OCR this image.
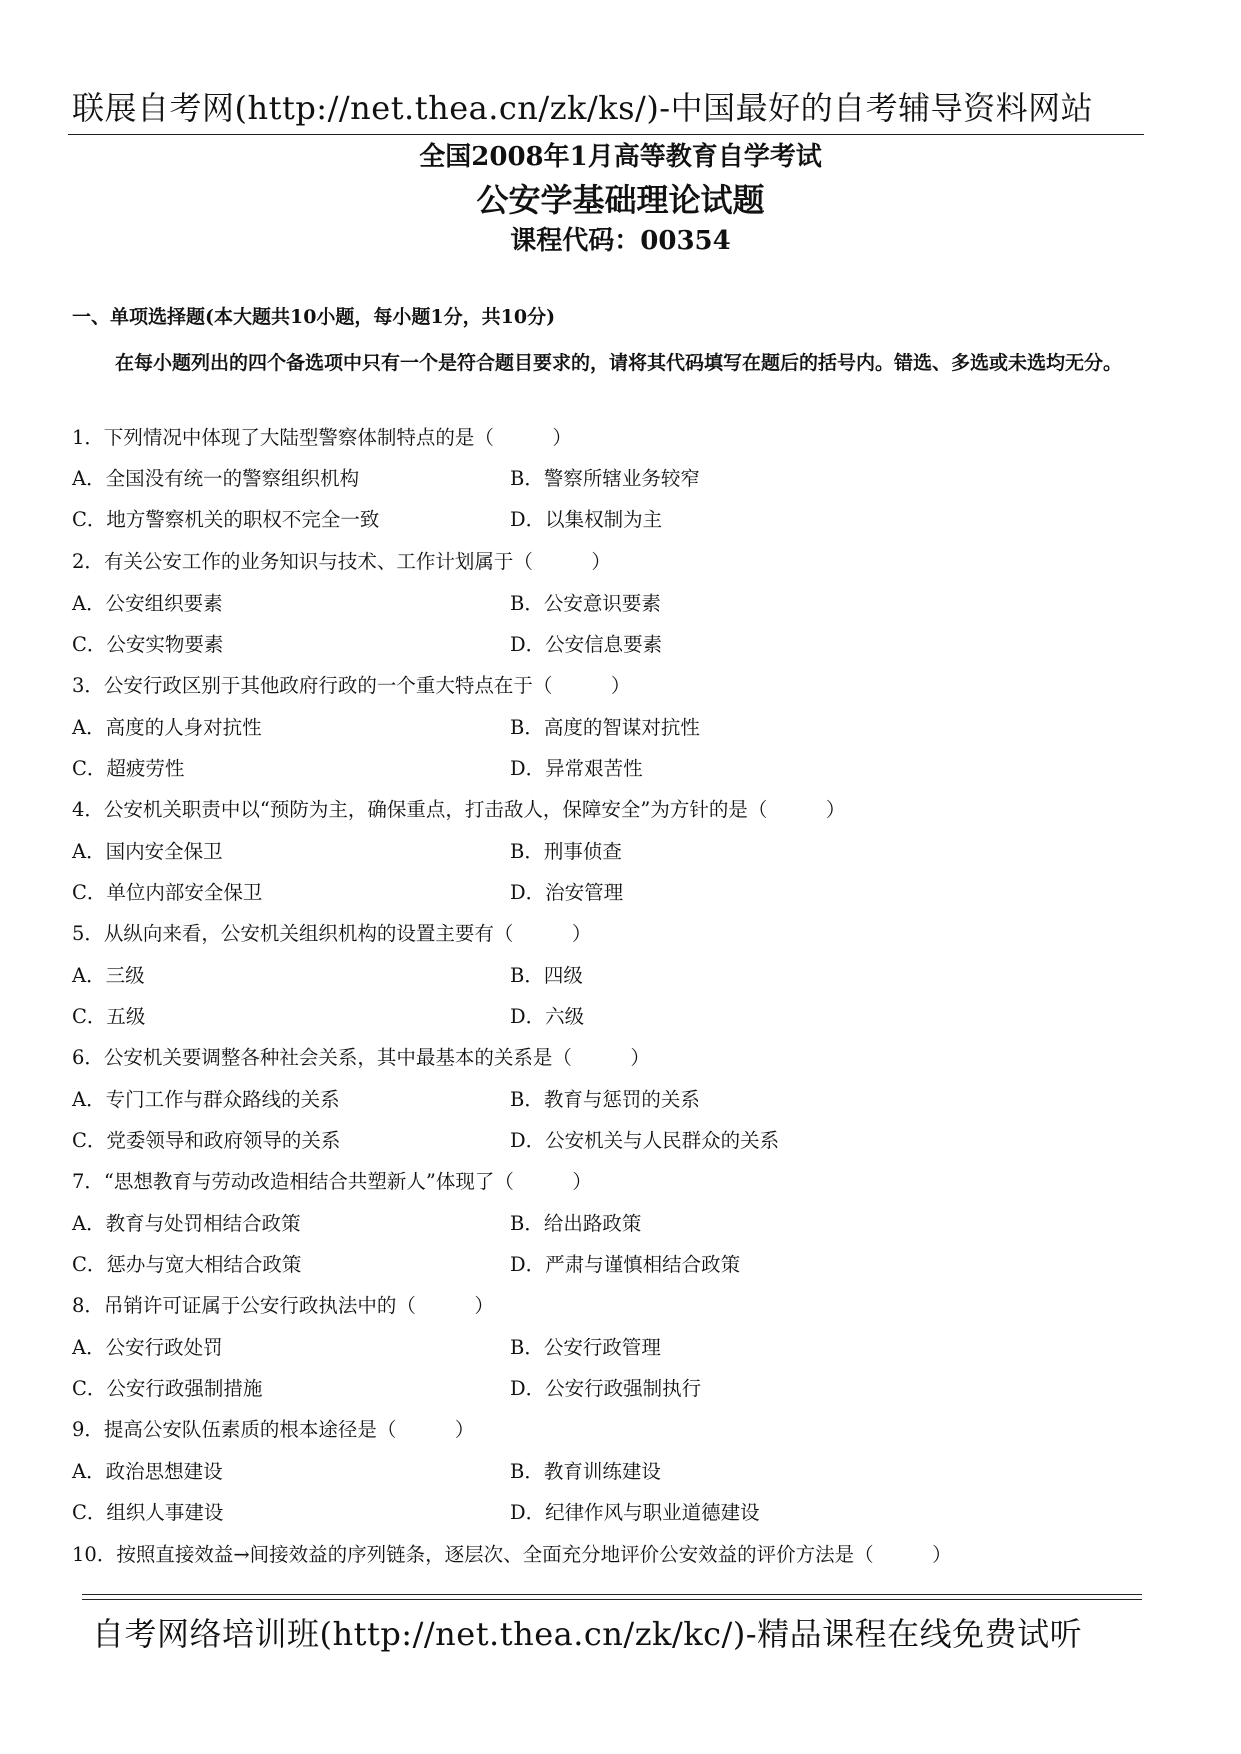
联展自考网(http://net.thea.cn/zk/ks/)-中国最好的自考辅导资料网站
全国2008年1月高等教育自学考试
公安学基础理论试题
课程代码：00354
一、单项选择题(本大题共10小题，每小题1分，共10分)
在每小题列出的四个备选项中只有一个是符合题目要求的，请将其代码填写在题后的括号内。错选、多选或未选均无分。
1．下列情况中体现了大陆型警察体制特点的是（　　　）
A．全国没有统一的警察组织机构	B．警察所辖业务较窄
C．地方警察机关的职权不完全一致	D．以集权制为主
2．有关公安工作的业务知识与技术、工作计划属于（　　　）
A．公安组织要素	B．公安意识要素
C．公安实物要素	D．公安信息要素
3．公安行政区别于其他政府行政的一个重大特点在于（　　　）
A．高度的人身对抗性	B．高度的智谋对抗性
C．超疲劳性	D．异常艰苦性
4．公安机关职责中以“预防为主，确保重点，打击敌人，保障安全”为方针的是（　　　）
A．国内安全保卫	B．刑事侦查
C．单位内部安全保卫	D．治安管理
5．从纵向来看，公安机关组织机构的设置主要有（　　　）
A．三级	B．四级
C．五级	D．六级
6．公安机关要调整各种社会关系，其中最基本的关系是（　　　）
A．专门工作与群众路线的关系	B．教育与惩罚的关系
C．党委领导和政府领导的关系	D．公安机关与人民群众的关系
7．“思想教育与劳动改造相结合共塑新人”体现了（　　　）
A．教育与处罚相结合政策	B．给出路政策
C．惩办与宽大相结合政策	D．严肃与谨慎相结合政策
8．吊销许可证属于公安行政执法中的（　　　）
A．公安行政处罚	B．公安行政管理
C．公安行政强制措施	D．公安行政强制执行
9．提高公安队伍素质的根本途径是（　　　）
A．政治思想建设	B．教育训练建设
C．组织人事建设	D．纪律作风与职业道德建设
10．按照直接效益→间接效益的序列链条，逐层次、全面充分地评价公安效益的评价方法是（　　　）
自考网络培训班(http://net.thea.cn/zk/kc/)-精品课程在线免费试听
